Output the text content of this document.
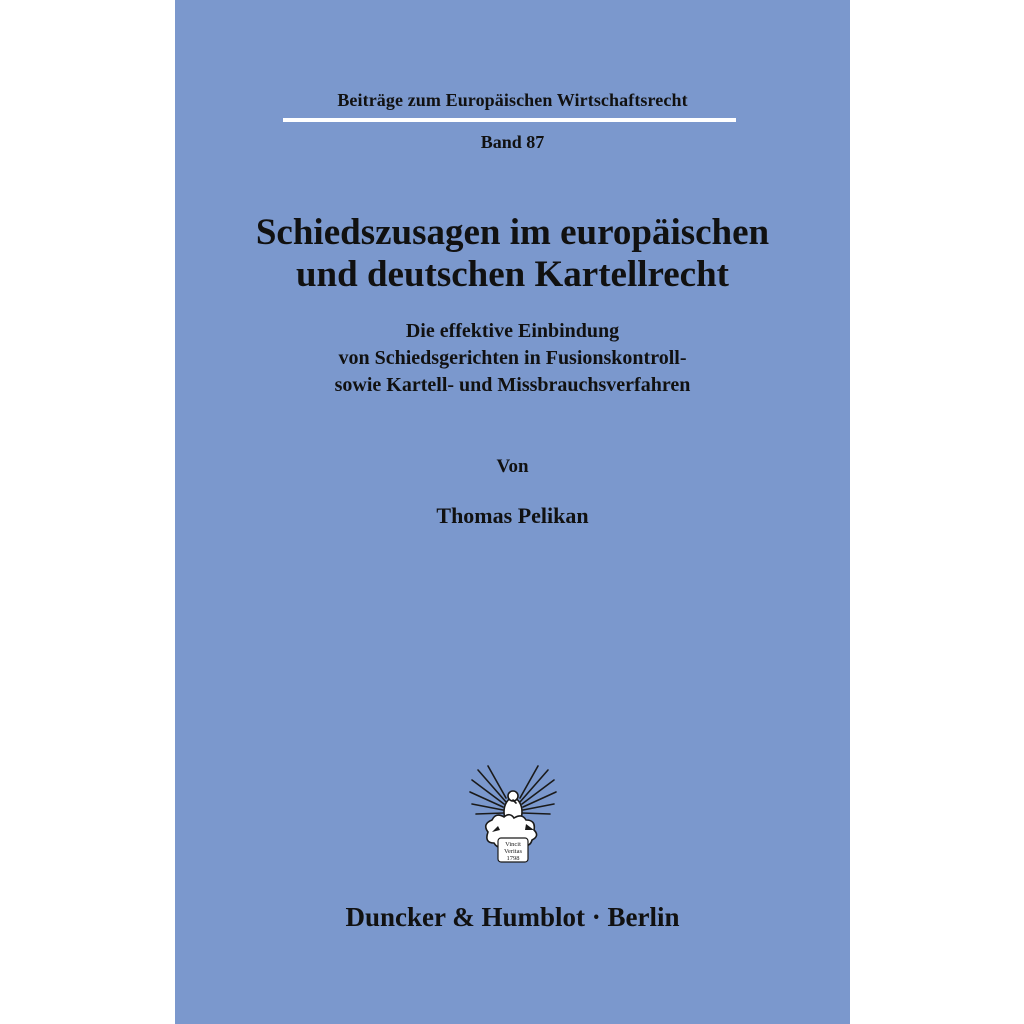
Beiträge zum Europäischen Wirtschaftsrecht
Band 87
Schiedszusagen im europäischen
und deutschen Kartellrecht
Die effektive Einbindung
von Schiedsgerichten in Fusionskontroll-
sowie Kartell- und Missbrauchsverfahren
Von
Thomas Pelikan
Vincit
Veritas
1798
Duncker & Humblot · Berlin
